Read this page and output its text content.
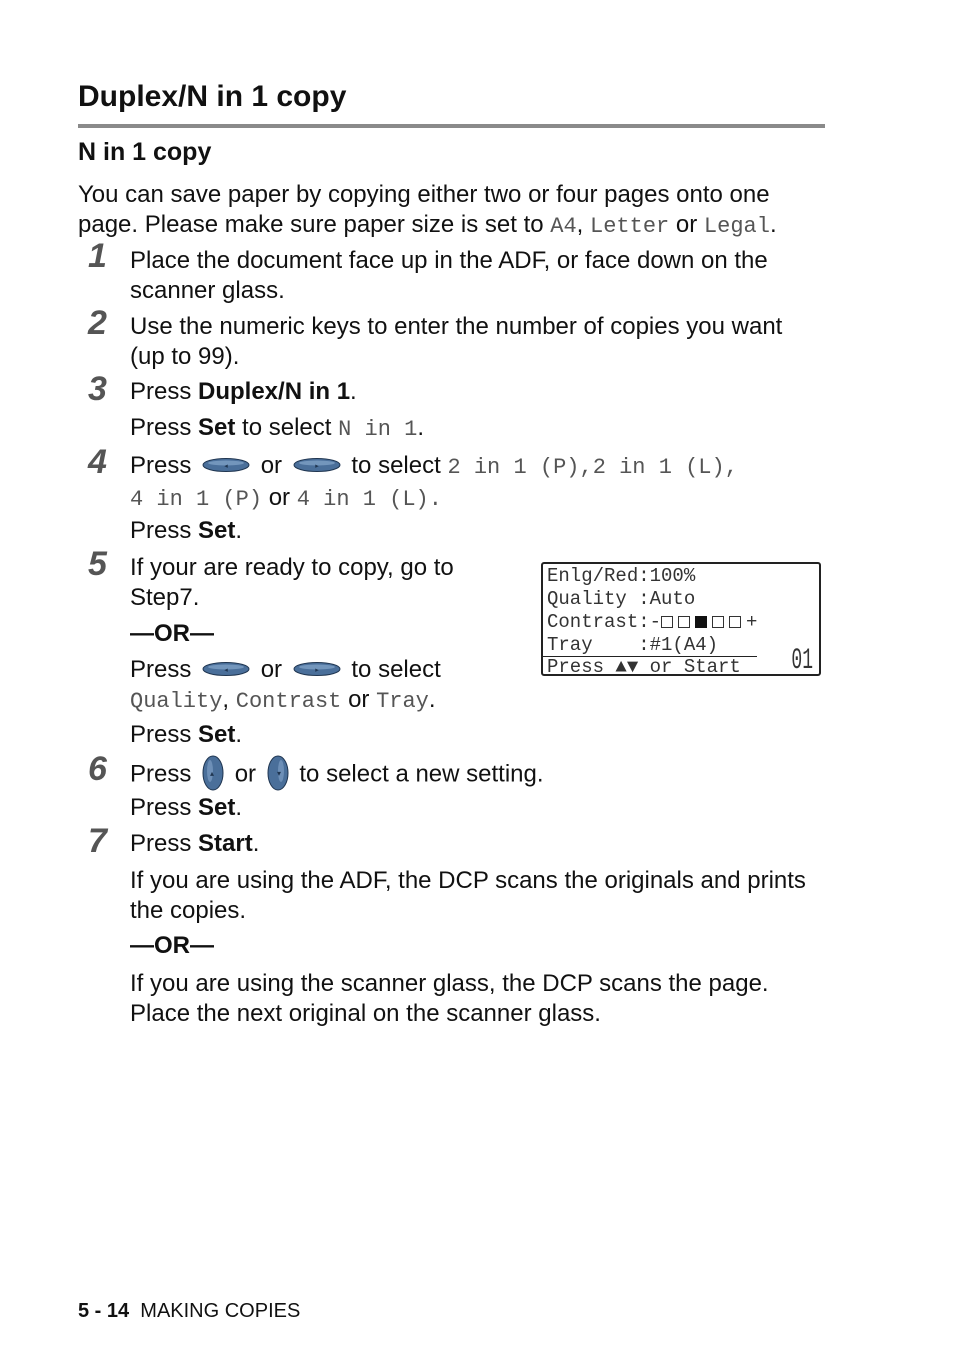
Duplex/N in 1 copy
N in 1 copy
You can save paper by copying either two or four pages onto one
page. Please make sure paper size is set to A4, Letter or Legal.
1 Place the document face up in the ADF, or face down on the
scanner glass.
2 Use the numeric keys to enter the number of copies you want
(up to 99).
3 Press Duplex/N in 1.
Press Set to select N in 1.
4 Press	◂ or	▸ to select 2 in 1 (P),2 in 1 (L),
4 in 1 (P) or 4 in 1 (L).
Press Set.
5 If your are ready to copy, go to
Step7.
—OR—
Press	◂ or	▸ to select
Quality, Contrast or Tray.
Press Set.
Enlg/Red:100%
Quality :Auto
Contrast:-	+
Tray    :#1(A4)
Press ▲▼ or Start 01
6 Press ▴ or	▾ to select a new setting.
Press Set.
7 Press Start.
If you are using the ADF, the DCP scans the originals and prints
the copies.
—OR—
If you are using the scanner glass, the DCP scans the page.
Place the next original on the scanner glass.
5 - 14 MAKING COPIES
